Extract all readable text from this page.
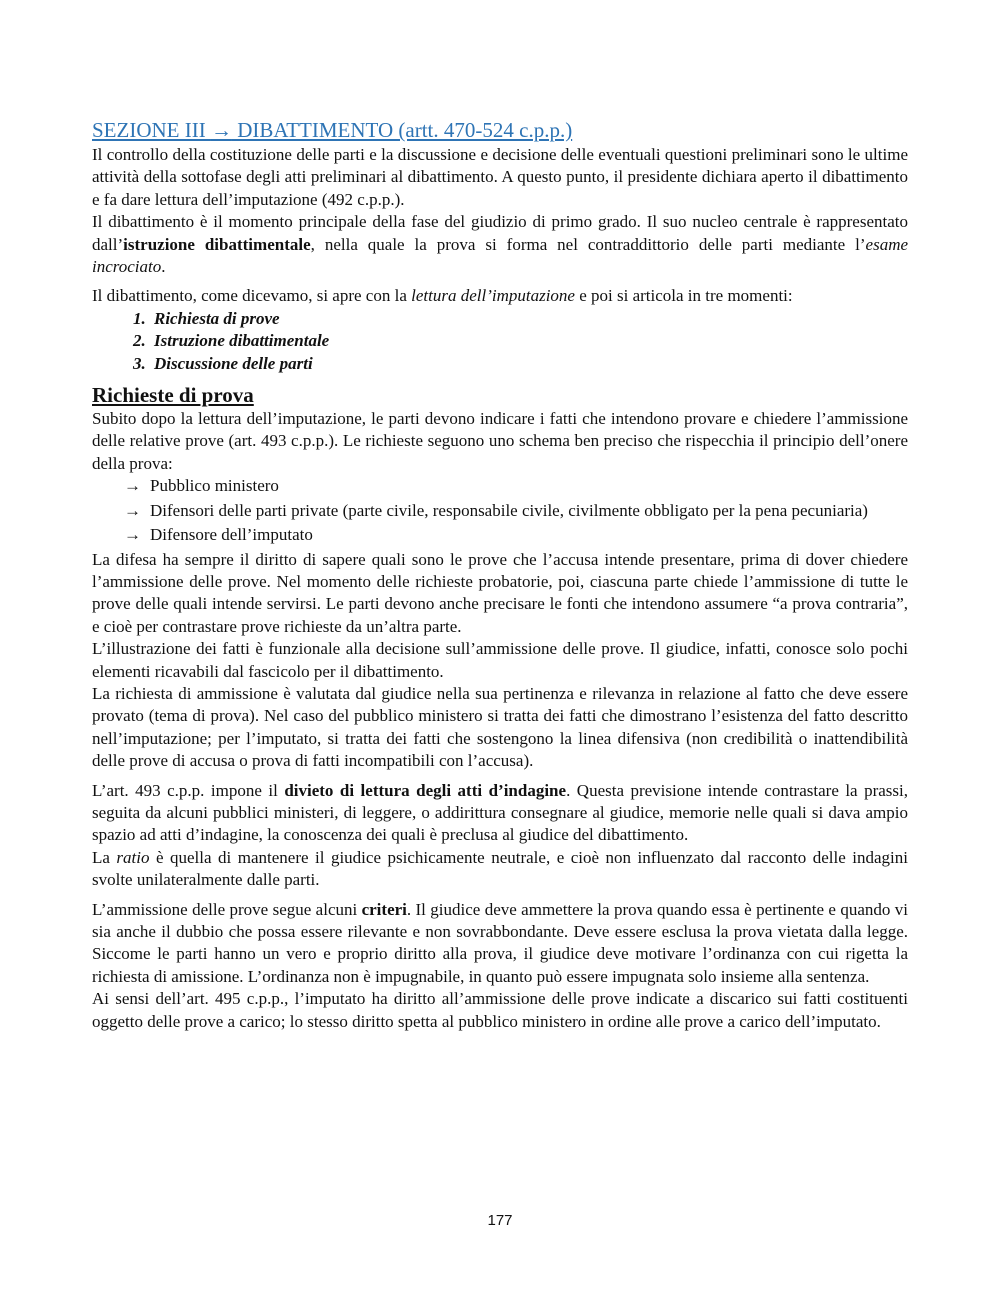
SEZIONE III → DIBATTIMENTO (artt. 470-524 c.p.p.)

Il controllo della costituzione delle parti e la discussione e decisione delle eventuali questioni preliminari sono le ultime attività della sottofase degli atti preliminari al dibattimento. A questo punto, il presidente dichiara aperto il dibattimento e fa dare lettura dell’imputazione (492 c.p.p.).

Il dibattimento è il momento principale della fase del giudizio di primo grado. Il suo nucleo centrale è rappresentato dall’istruzione dibattimentale, nella quale la prova si forma nel contraddittorio delle parti mediante l’esame incrociato.

Il dibattimento, come dicevamo, si apre con la lettura dell’imputazione e poi si articola in tre momenti:

1. Richiesta di prove
2. Istruzione dibattimentale
3. Discussione delle parti
Richieste di prova

Subito dopo la lettura dell’imputazione, le parti devono indicare i fatti che intendono provare e chiedere l’ammissione delle relative prove (art. 493 c.p.p.). Le richieste seguono uno schema ben preciso che rispecchia il principio dell’onere della prova:

→ Pubblico ministero
→ Difensori delle parti private (parte civile, responsabile civile, civilmente obbligato per la pena pecuniaria)
→ Difensore dell’imputato

La difesa ha sempre il diritto di sapere quali sono le prove che l’accusa intende presentare, prima di dover chiedere l’ammissione delle prove. Nel momento delle richieste probatorie, poi, ciascuna parte chiede l’ammissione di tutte le prove delle quali intende servirsi. Le parti devono anche precisare le fonti che intendono assumere “a prova contraria”, e cioè per contrastare prove richieste da un’altra parte.

L’illustrazione dei fatti è funzionale alla decisione sull’ammissione delle prove. Il giudice, infatti, conosce solo pochi elementi ricavabili dal fascicolo per il dibattimento.

La richiesta di ammissione è valutata dal giudice nella sua pertinenza e rilevanza in relazione al fatto che deve essere provato (tema di prova). Nel caso del pubblico ministero si tratta dei fatti che dimostrano l’esistenza del fatto descritto nell’imputazione; per l’imputato, si tratta dei fatti che sostengono la linea difensiva (non credibilità o inattendibilità delle prove di accusa o prova di fatti incompatibili con l’accusa).

L’art. 493 c.p.p. impone il divieto di lettura degli atti d’indagine. Questa previsione intende contrastare la prassi, seguita da alcuni pubblici ministeri, di leggere, o addirittura consegnare al giudice, memorie nelle quali si dava ampio spazio ad atti d’indagine, la conoscenza dei quali è preclusa al giudice del dibattimento.

La ratio è quella di mantenere il giudice psichicamente neutrale, e cioè non influenzato dal racconto delle indagini svolte unilateralmente dalle parti.

L’ammissione delle prove segue alcuni criteri. Il giudice deve ammettere la prova quando essa è pertinente e quando vi sia anche il dubbio che possa essere rilevante e non sovrabbondante. Deve essere esclusa la prova vietata dalla legge. Siccome le parti hanno un vero e proprio diritto alla prova, il giudice deve motivare l’ordinanza con cui rigetta la richiesta di amissione. L’ordinanza non è impugnabile, in quanto può essere impugnata solo insieme alla sentenza.

Ai sensi dell’art. 495 c.p.p., l’imputato ha diritto all’ammissione delle prove indicate a discarico sui fatti costituenti oggetto delle prove a carico; lo stesso diritto spetta al pubblico ministero in ordine alle prove a carico dell’imputato.

177
